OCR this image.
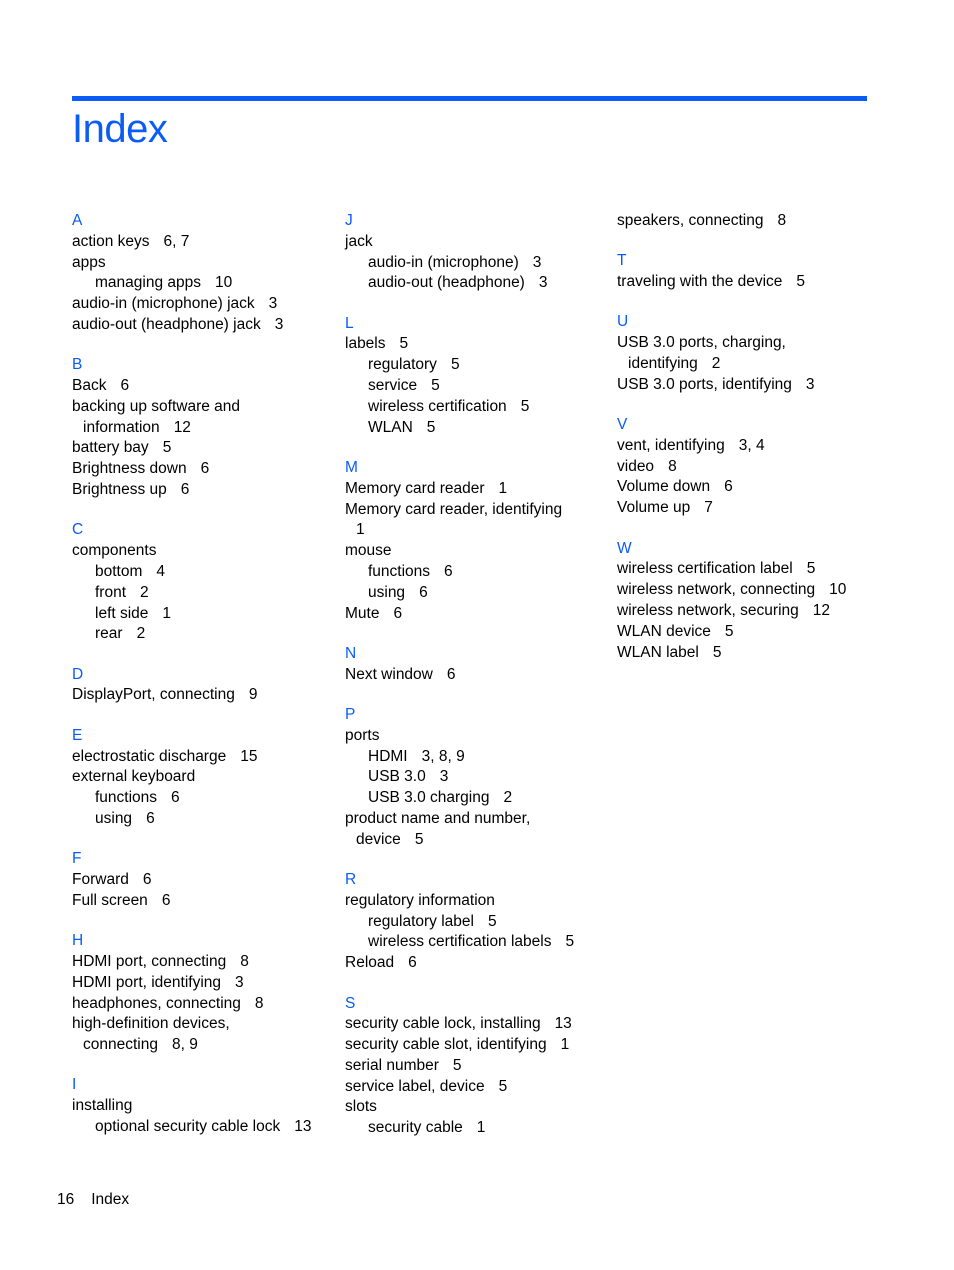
Index
A
action keys 6, 7
apps
managing apps 10
audio-in (microphone) jack 3
audio-out (headphone) jack 3
B
Back 6
backing up software and
information 12
battery bay 5
Brightness down 6
Brightness up 6
C
components
bottom 4
front 2
left side 1
rear 2
D
DisplayPort, connecting 9
E
electrostatic discharge 15
external keyboard
functions 6
using 6
F
Forward 6
Full screen 6
H
HDMI port, connecting 8
HDMI port, identifying 3
headphones, connecting 8
high-definition devices,
connecting 8, 9
I
installing
optional security cable lock 13
J
jack
audio-in (microphone) 3
audio-out (headphone) 3
L
labels 5
regulatory 5
service 5
wireless certification 5
WLAN 5
M
Memory card reader 1
Memory card reader, identifying
1
mouse
functions 6
using 6
Mute 6
N
Next window 6
P
ports
HDMI 3, 8, 9
USB 3.0 3
USB 3.0 charging 2
product name and number,
device 5
R
regulatory information
regulatory label 5
wireless certification labels 5
Reload 6
S
security cable lock, installing 13
security cable slot, identifying 1
serial number 5
service label, device 5
slots
security cable 1
speakers, connecting 8
T
traveling with the device 5
U
USB 3.0 ports, charging,
identifying 2
USB 3.0 ports, identifying 3
V
vent, identifying 3, 4
video 8
Volume down 6
Volume up 7
W
wireless certification label 5
wireless network, connecting 10
wireless network, securing 12
WLAN device 5
WLAN label 5
16 Index
